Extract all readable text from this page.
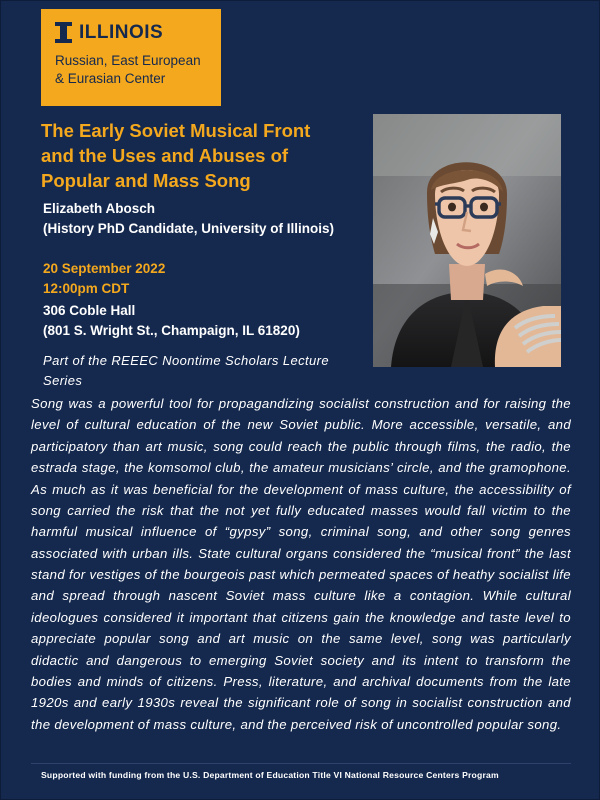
ILLINOIS
Russian, East European
& Eurasian Center
The Early Soviet Musical Front and the Uses and Abuses of Popular and Mass Song
Elizabeth Abosch
(History PhD Candidate, University of Illinois)
20 September 2022
12:00pm CDT
306 Coble Hall
(801 S. Wright St., Champaign, IL 61820)
Part of the REEEC Noontime Scholars Lecture Series
Song was a powerful tool for propagandizing socialist construction and for raising the level of cultural education of the new Soviet public. More accessible, versatile, and participatory than art music, song could reach the public through films, the radio, the estrada stage, the komsomol club, the amateur musicians’ circle, and the gramophone. As much as it was beneficial for the development of mass culture, the accessibility of song carried the risk that the not yet fully educated masses would fall victim to the harmful musical influence of “gypsy” song, criminal song, and other song genres associated with urban ills. State cultural organs considered the “musical front” the last stand for vestiges of the bourgeois past which permeated spaces of heathy socialist life and spread through nascent Soviet mass culture like a contagion. While cultural ideologues considered it important that citizens gain the knowledge and taste level to appreciate popular song and art music on the same level, song was particularly didactic and dangerous to emerging Soviet society and its intent to transform the bodies and minds of citizens. Press, literature, and archival documents from the late 1920s and early 1930s reveal the significant role of song in socialist construction and the development of mass culture, and the perceived risk of uncontrolled popular song.
Supported with funding from the U.S. Department of Education Title VI National Resource Centers Program
